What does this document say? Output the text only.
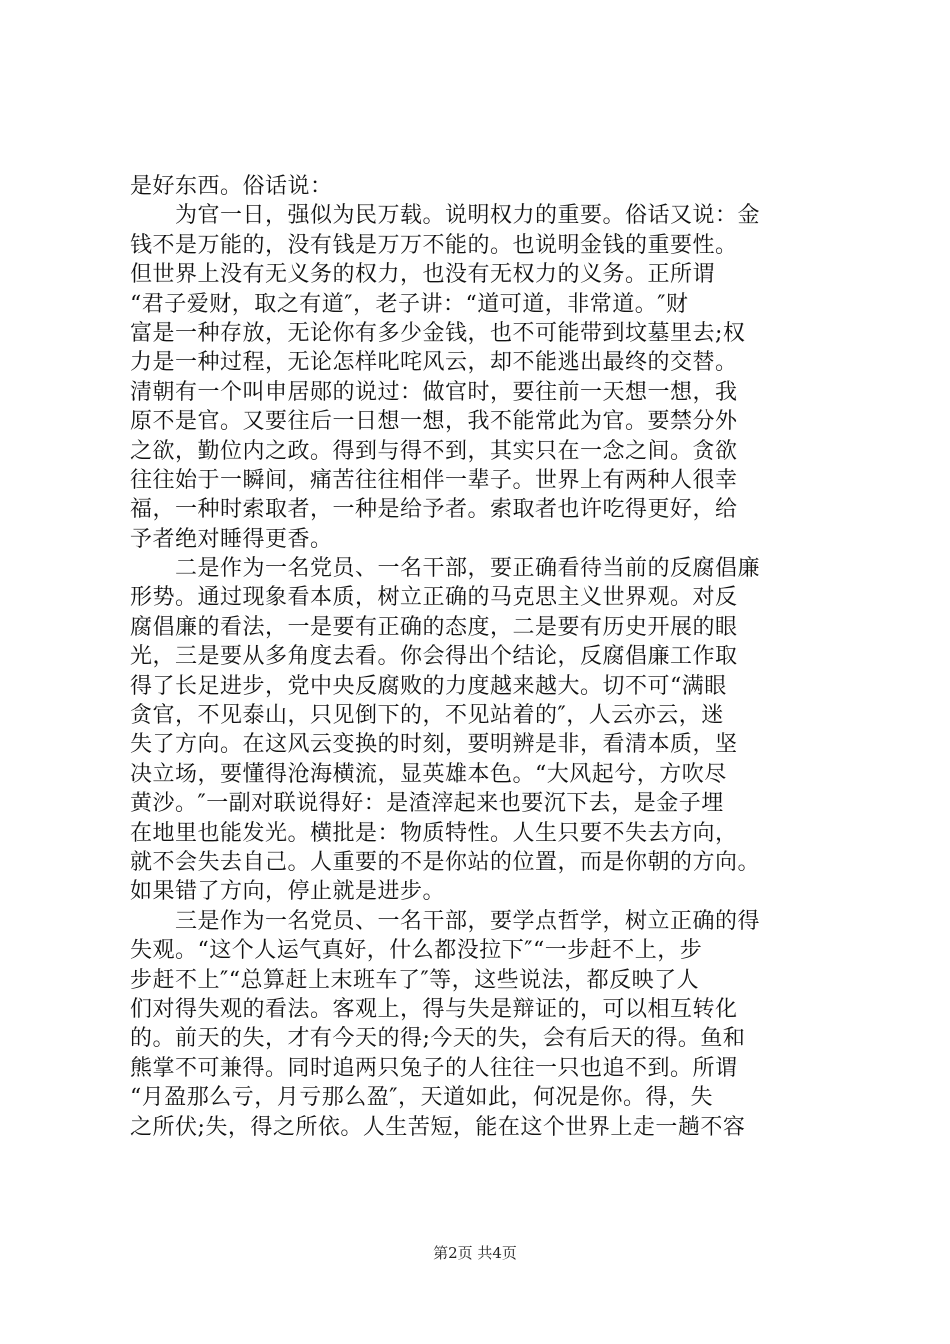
是好东西。俗话说：
　　为官一日，强似为民万载。说明权力的重要。俗话又说：金
钱不是万能的，没有钱是万万不能的。也说明金钱的重要性。
但世界上没有无义务的权力，也没有无权力的义务。正所谓
“君子爱财，取之有道″，老子讲：“道可道，非常道。″财
富是一种存放，无论你有多少金钱，也不可能带到坟墓里去;权
力是一种过程，无论怎样叱咤风云，却不能逃出最终的交替。
清朝有一个叫申居郧的说过：做官时，要往前一天想一想，我
原不是官。又要往后一日想一想，我不能常此为官。要禁分外
之欲，勤位内之政。得到与得不到，其实只在一念之间。贪欲
往往始于一瞬间，痛苦往往相伴一辈子。世界上有两种人很幸
福，一种时索取者，一种是给予者。索取者也许吃得更好，给
予者绝对睡得更香。
　　二是作为一名党员、一名干部，要正确看待当前的反腐倡廉
形势。通过现象看本质，树立正确的马克思主义世界观。对反
腐倡廉的看法，一是要有正确的态度，二是要有历史开展的眼
光，三是要从多角度去看。你会得出个结论，反腐倡廉工作取
得了长足进步，党中央反腐败的力度越来越大。切不可“满眼
贪官，不见泰山，只见倒下的，不见站着的″，人云亦云，迷
失了方向。在这风云变换的时刻，要明辨是非，看清本质，坚
决立场，要懂得沧海横流，显英雄本色。“大风起兮，方吹尽
黄沙。″一副对联说得好：是渣滓起来也要沉下去，是金子埋
在地里也能发光。横批是：物质特性。人生只要不失去方向，
就不会失去自己。人重要的不是你站的位置，而是你朝的方向。
如果错了方向，停止就是进步。
　　三是作为一名党员、一名干部，要学点哲学，树立正确的得
失观。“这个人运气真好，什么都没拉下″“一步赶不上，步
步赶不上″“总算赶上末班车了″等，这些说法，都反映了人
们对得失观的看法。客观上，得与失是辩证的，可以相互转化
的。前天的失，才有今天的得;今天的失，会有后天的得。鱼和
熊掌不可兼得。同时追两只兔子的人往往一只也追不到。所谓
“月盈那么亏，月亏那么盈″，天道如此，何况是你。得，失
之所伏;失，得之所依。人生苦短，能在这个世界上走一趟不容
第2页 共4页
